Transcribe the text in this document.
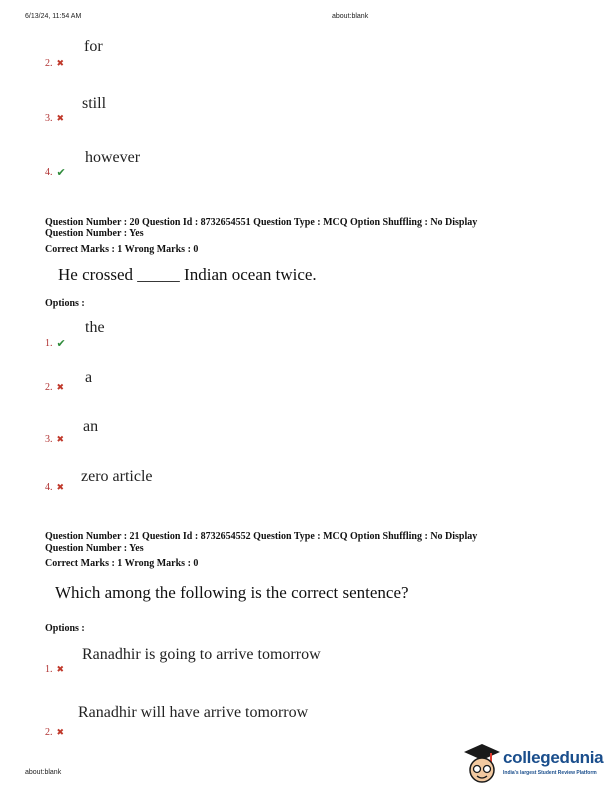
6/13/24, 11:54 AM	about:blank
for
2. ✖
still
3. ✖
however
4. ✔
Question Number : 20 Question Id : 8732654551 Question Type : MCQ Option Shuffling : No Display
Question Number : Yes
Correct Marks : 1 Wrong Marks : 0
He crossed _____ Indian ocean twice.
Options :
the
1. ✔
a
2. ✖
an
3. ✖
zero article
4. ✖
Question Number : 21 Question Id : 8732654552 Question Type : MCQ Option Shuffling : No Display
Question Number : Yes
Correct Marks : 1 Wrong Marks : 0
Which among the following is the correct sentence?
Options :
Ranadhir is going to arrive tomorrow
1. ✖
Ranadhir will have arrive tomorrow
2. ✖
about:blank
collegedunia
India's largest Student Review Platform
